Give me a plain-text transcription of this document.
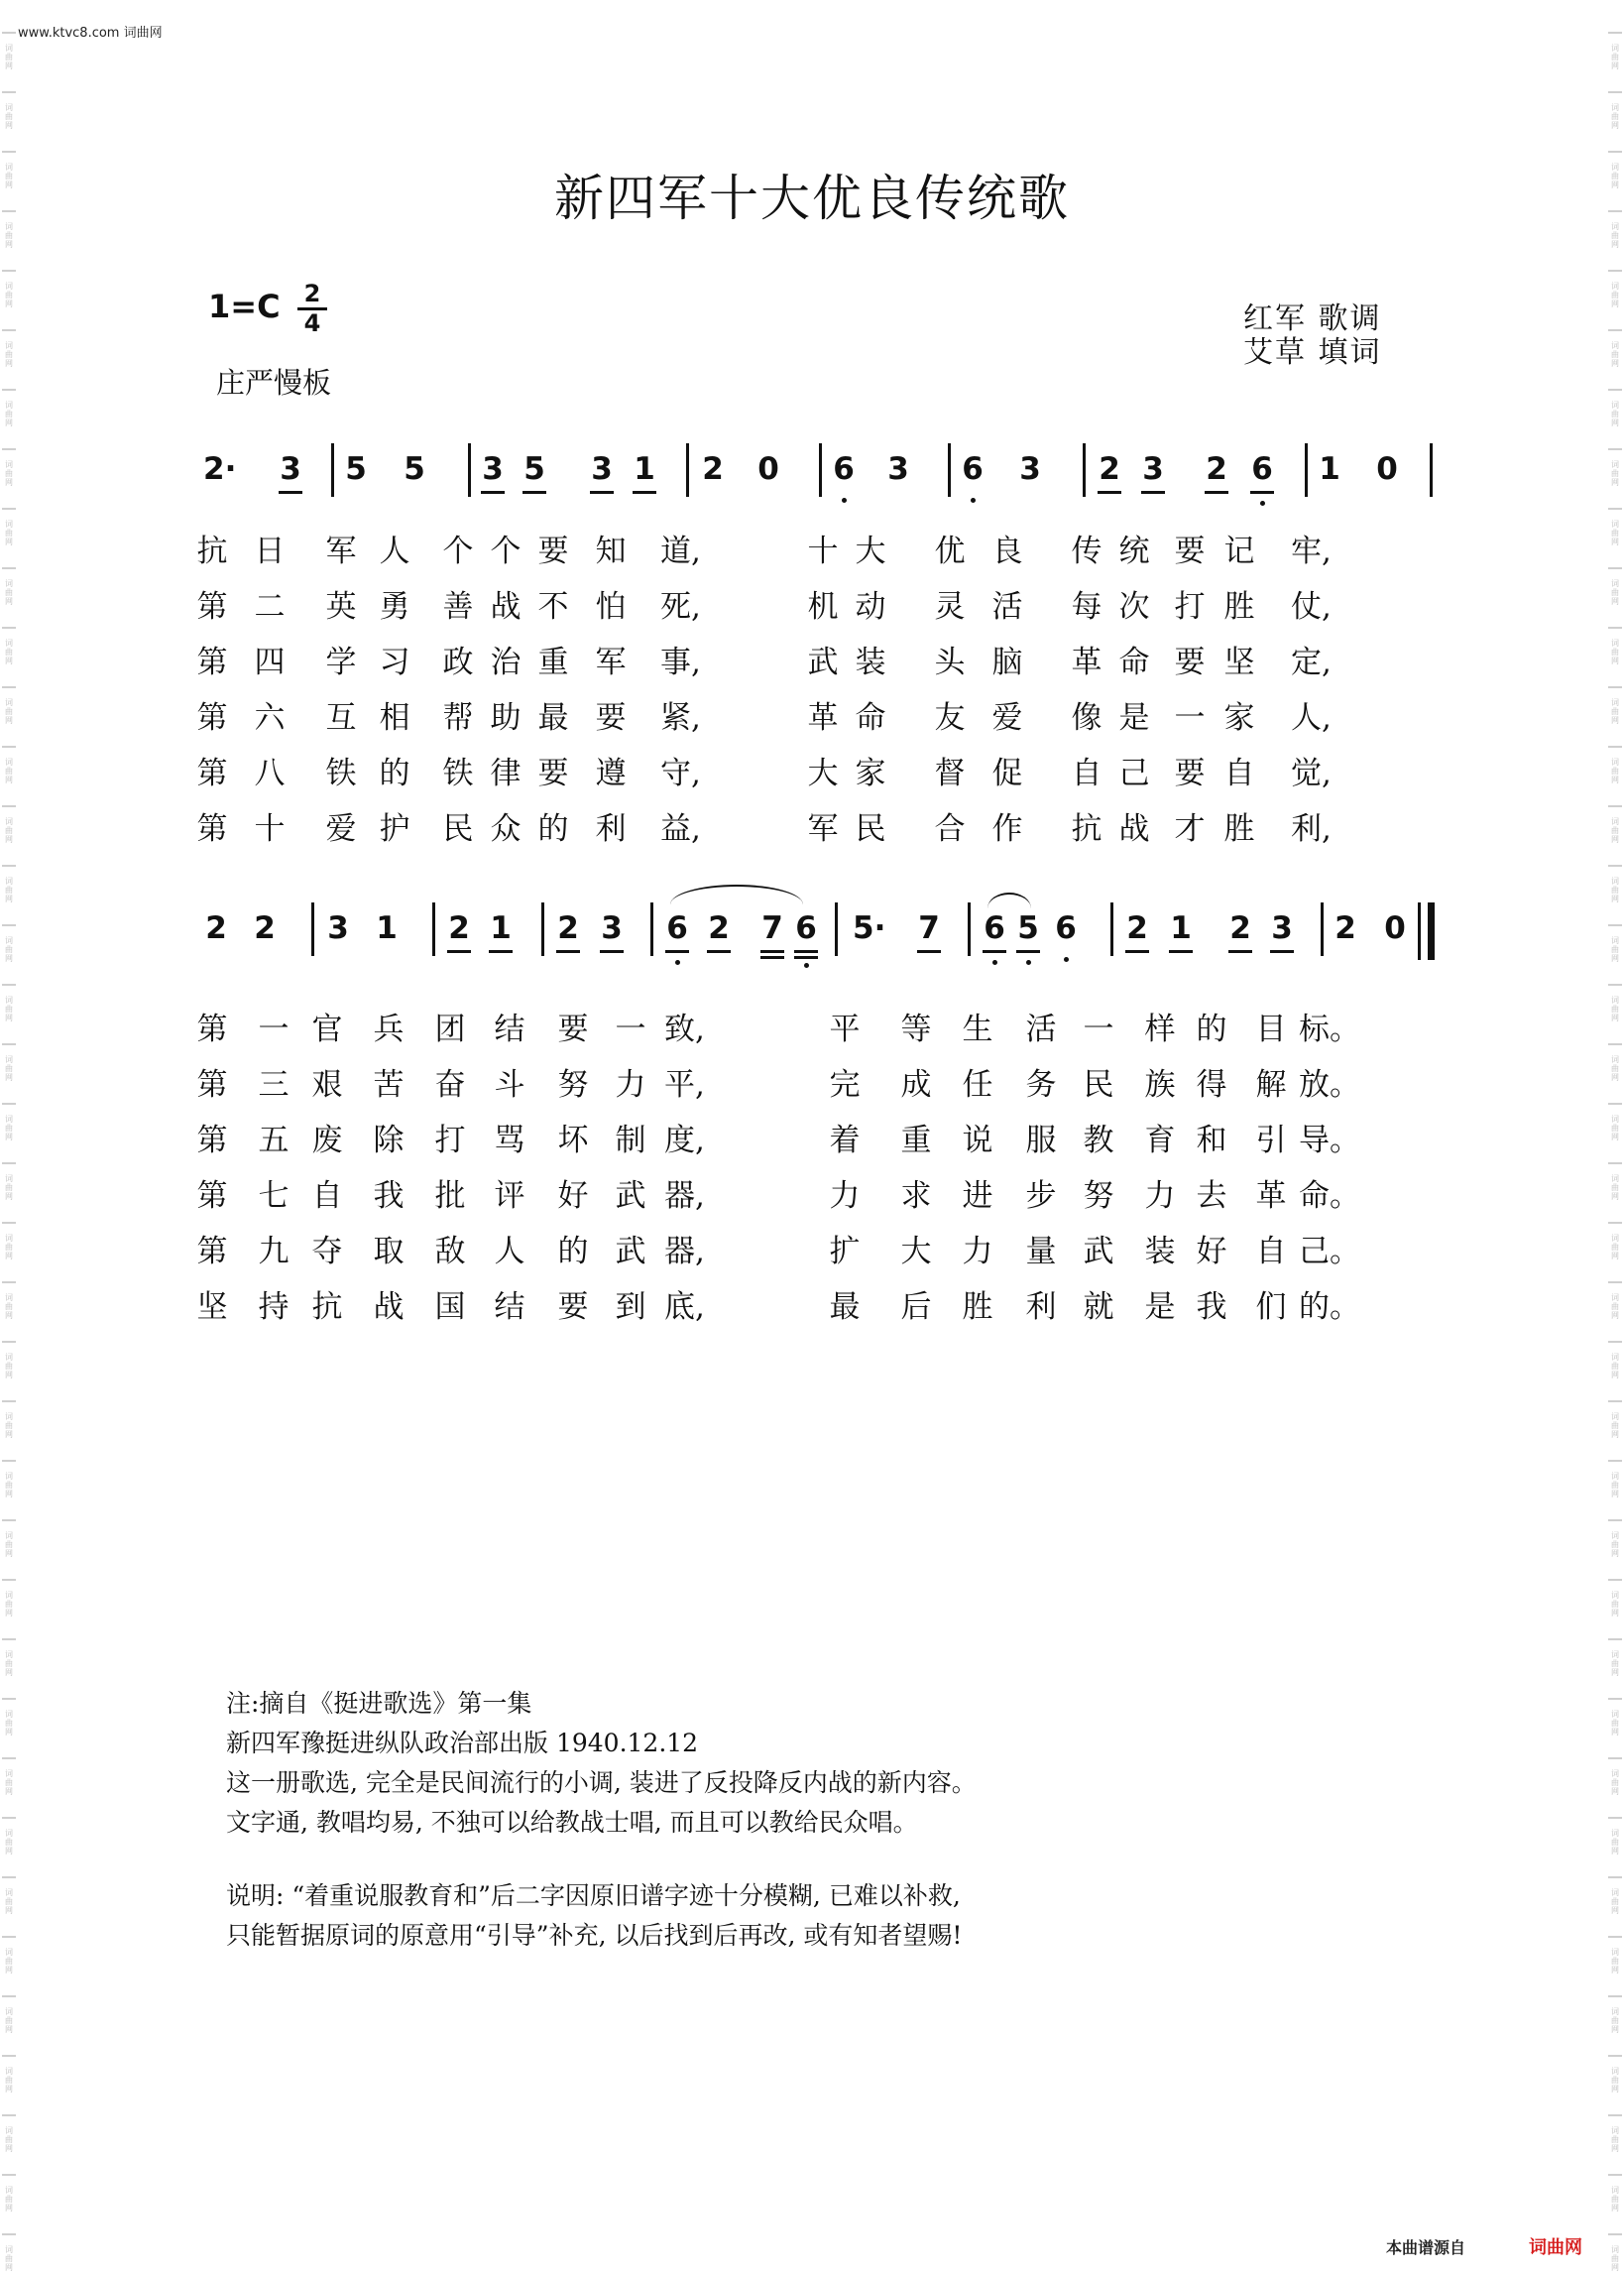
词
曲
网
词
曲
网
词
曲
网
词
曲
网
词
曲
网
词
曲
网
词
曲
网
词
曲
网
词
曲
网
词
曲
网
词
曲
网
词
曲
网
词
曲
网
词
曲
网
词
曲
网
词
曲
网
词
曲
网
词
曲
网
词
曲
网
词
曲
网
词
曲
网
词
曲
网
词
曲
网
词
曲
网
词
曲
网
词
曲
网
词
曲
网
词
曲
网
词
曲
网
词
曲
网
词
曲
网
词
曲
网
词
曲
网
词
曲
网
词
曲
网
词
曲
网
词
曲
网
词
曲
网
词
曲
网
词
曲
网
词
曲
网
词
曲
网
词
曲
网
词
曲
网
词
曲
网
词
曲
网
词
曲
网
词
曲
网
词
曲
网
词
曲
网
词
曲
网
词
曲
网
词
曲
网
词
曲
网
词
曲
网
词
曲
网
词
曲
网
词
曲
网
词
曲
网
词
曲
网
词
曲
网
词
曲
网
词
曲
网
词
曲
网
词
曲
网
词
曲
网
词
曲
网
词
曲
网
词
曲
网
词
曲
网
词
曲
网
词
曲
网
词
曲
网
词
曲
网
词
曲
网
词
曲
网
www.ktvc8.com 词曲网
新四军十大优良传统歌
1=C 2
4
庄严慢板
红军 歌调
艾草 填词
2· 3 5 5 3 5 3 1 2 0 6 3 6 3 2 3 2 6 1 0
抗 日 军 人 个 个 要 知 道,	十 大 优 良 传 统 要 记 牢,
第 二 英 勇 善 战 不 怕 死,	机 动 灵 活 每 次 打 胜 仗,
第 四 学 习 政 治 重 军 事,	武 装 头 脑 革 命 要 坚 定,
第 六 互 相 帮 助 最 要 紧,	革 命 友 爱 像 是 一 家 人,
第 八 铁 的 铁 律 要 遵 守,	大 家 督 促 自 己 要 自 觉,
第 十 爱 护 民 众 的 利 益,	军 民 合 作 抗 战 才 胜 利,
2 2 3 1 2 1 2 3 6 2 7 6 5· 7 6 5 6 2 1 2 3 2 0
第 一 官 兵 团 结 要 一 致,	平 等 生 活 一 样 的 目 标。
第 三 艰 苦 奋 斗 努 力 平,	完 成 任 务 民 族 得 解 放。
第 五 废 除 打 骂 坏 制 度,	着 重 说 服 教 育 和 引 导。
第 七 自 我 批 评 好 武 器,	力 求 进 步 努 力 去 革 命。
第 九 夺 取 敌 人 的 武 器,	扩 大 力 量 武 装 好 自 己。
坚 持 抗 战 国 结 要 到 底,	最 后 胜 利 就 是 我 们 的。
注:摘自《挺进歌选》第一集
新四军豫挺进纵队政治部出版 1940.12.12
这一册歌选, 完全是民间流行的小调, 装进了反投降反内战的新内容。
文字通, 教唱均易, 不独可以给教战士唱, 而且可以教给民众唱。
说明: “着重说服教育和”后二字因原旧谱字迹十分模糊, 已难以补救,
只能暂据原词的原意用“引导”补充, 以后找到后再改, 或有知者望赐!
本曲谱源自	词曲网
